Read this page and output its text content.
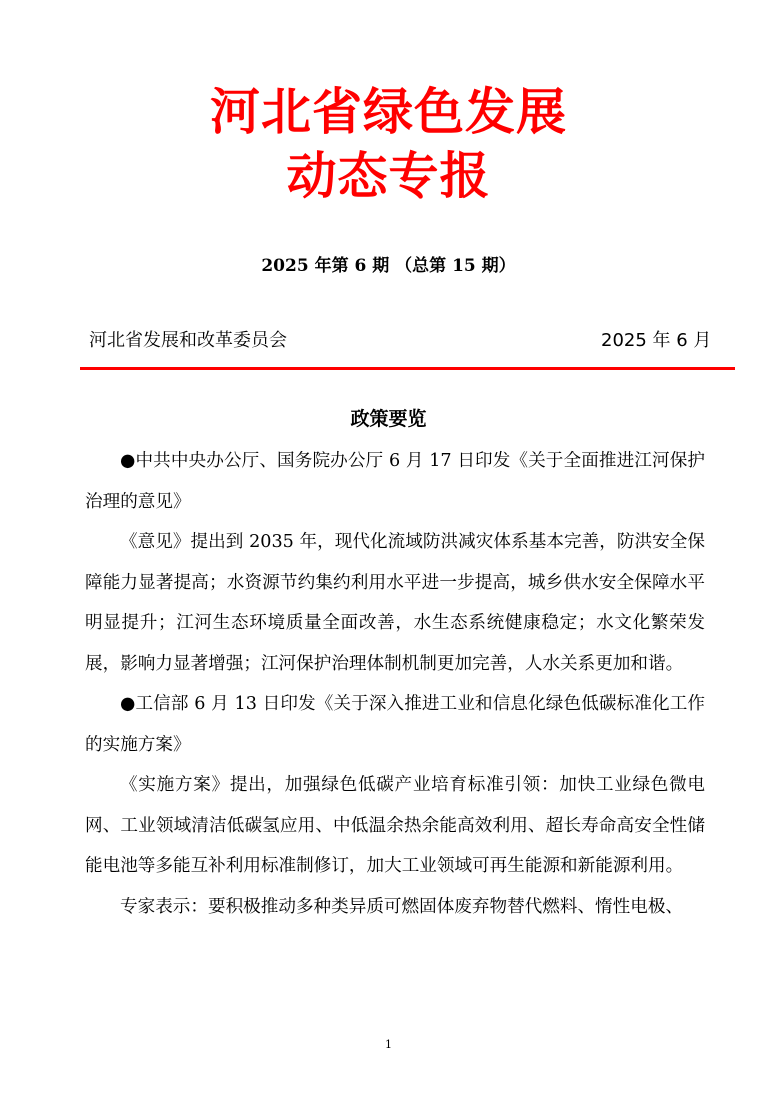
河北省绿色发展
动态专报
2025 年第 6 期 （总第 15 期）
河北省发展和改革委员会	2025 年 6 月
政策要览

●中共中央办公厅、国务院办公厅 6 月 17 日印发《关于全面推进江河保护治理的意见》

《意见》提出到 2035 年，现代化流域防洪减灾体系基本完善，防洪安全保障能力显著提高；水资源节约集约利用水平进一步提高，城乡供水安全保障水平明显提升；江河生态环境质量全面改善，水生态系统健康稳定；水文化繁荣发展，影响力显著增强；江河保护治理体制机制更加完善，人水关系更加和谐。

●工信部 6 月 13 日印发《关于深入推进工业和信息化绿色低碳标准化工作的实施方案》

《实施方案》提出，加强绿色低碳产业培育标准引领：加快工业绿色微电网、工业领域清洁低碳氢应用、中低温余热余能高效利用、超长寿命高安全性储能电池等多能互补利用标准制修订，加大工业领域可再生能源和新能源利用。

专家表示：要积极推动多种类异质可燃固体废弃物替代燃料、惰性电极、

1
